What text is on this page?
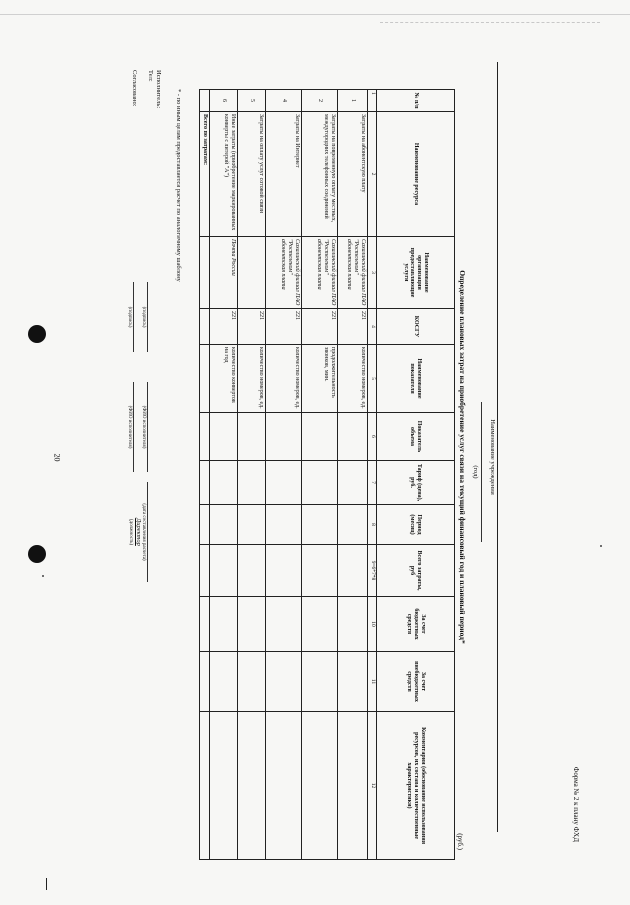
20
Форма № 2 к плану ФХД
Наименование учреждения
(год)
Определение плановых затрат на приобретение услуг связи на текущий финансовый год и плановый период*
(руб.)
№ п/п	Наименование ресурса	Наименование организации предоставляющие услуги	КОСГУ	Наименование показателя	Показатель объема	Тариф (цена), руб.	Период (месяц)	Всего затраты, руб	За счет бюджетных средств	За счет внебюджетных средств	Комментарии (обоснование использования ресурсов, их состава и количественные характеристики)
1	2	3	4	5	6	7	8	9=6*7*8	10	11	12
1	Затраты на абонентскую плату	Сахалинский филиал ПАО "Ростелеком" абонентская плата	221	количество номеров, ед.							
2	Затраты на повременную оплату местных, междугородних телефонных соединений	Сахалинский филиал ПАО "Ростелеком" абонентская плата	221	продолжительность звонков, мин.							
4	Затраты на Интернет	Сахалинский филиал ПАО "Ростелеком" абонентская плата	221	количество номеров, ед.							
5	Затраты на оплату услуг сотовой связи		221	количество номеров, ед.							
6	Иные затраты (приобретение маркированных конверты с литерой "А")	Почта России	221	количество конвертов на год							
	Всего по затратам:										
* - по иным целям предоставляется расчет по аналогичному шаблону
Исполнитель:
Тел:
(подпись)
(ФИО исполнителя)
(дата составления расчета)
Согласовано:
(подпись)
(ФИО исполнителя)
Директор
(должность)
